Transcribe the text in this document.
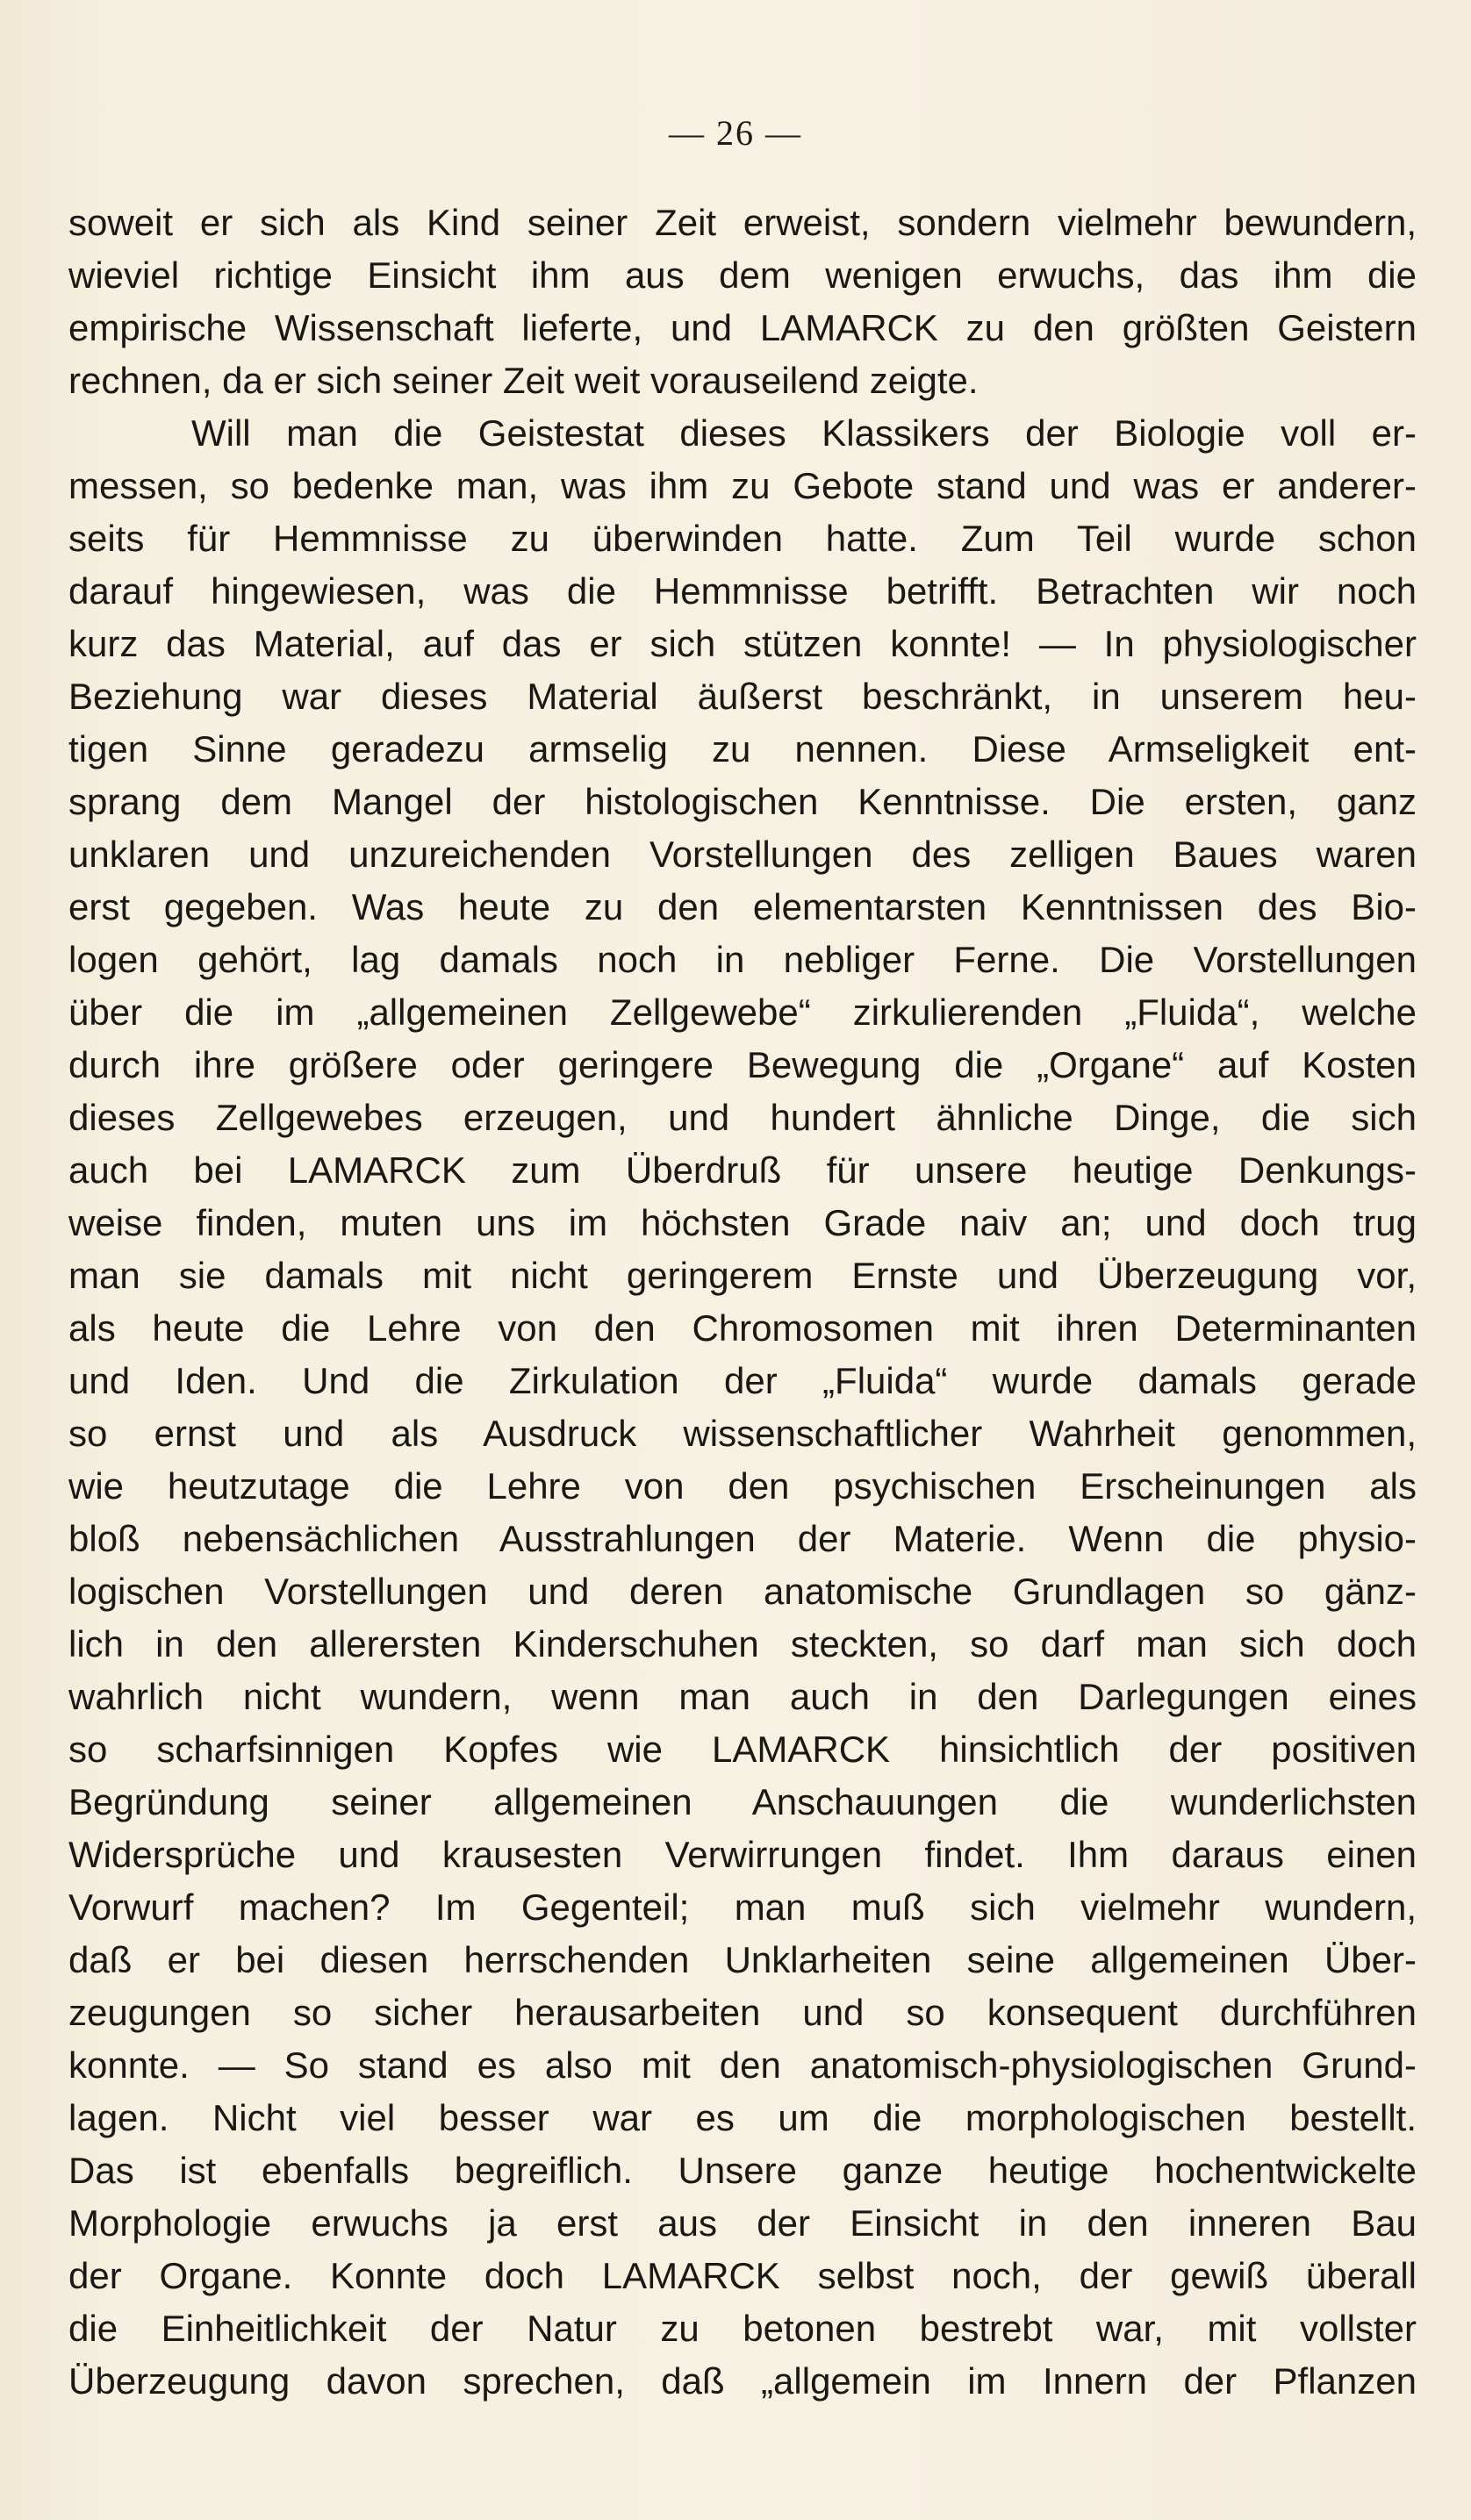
— 26 —
soweit er sich als Kind seiner Zeit erweist, sondern vielmehr bewundern,
wieviel richtige Einsicht ihm aus dem wenigen erwuchs, das ihm die
empirische Wissenschaft lieferte, und LAMARCK zu den größten Geistern
rechnen, da er sich seiner Zeit weit vorauseilend zeigte.
Will man die Geistestat dieses Klassikers der Biologie voll er-
messen, so bedenke man, was ihm zu Gebote stand und was er anderer-
seits für Hemmnisse zu überwinden hatte. Zum Teil wurde schon
darauf hingewiesen, was die Hemmnisse betrifft. Betrachten wir noch
kurz das Material, auf das er sich stützen konnte! — In physiologischer
Beziehung war dieses Material äußerst beschränkt, in unserem heu-
tigen Sinne geradezu armselig zu nennen. Diese Armseligkeit ent-
sprang dem Mangel der histologischen Kenntnisse. Die ersten, ganz
unklaren und unzureichenden Vorstellungen des zelligen Baues waren
erst gegeben. Was heute zu den elementarsten Kenntnissen des Bio-
logen gehört, lag damals noch in nebliger Ferne. Die Vorstellungen
über die im „allgemeinen Zellgewebe“ zirkulierenden „Fluida“, welche
durch ihre größere oder geringere Bewegung die „Organe“ auf Kosten
dieses Zellgewebes erzeugen, und hundert ähnliche Dinge, die sich
auch bei LAMARCK zum Überdruß für unsere heutige Denkungs-
weise finden, muten uns im höchsten Grade naiv an; und doch trug
man sie damals mit nicht geringerem Ernste und Überzeugung vor,
als heute die Lehre von den Chromosomen mit ihren Determinanten
und Iden. Und die Zirkulation der „Fluida“ wurde damals gerade
so ernst und als Ausdruck wissenschaftlicher Wahrheit genommen,
wie heutzutage die Lehre von den psychischen Erscheinungen als
bloß nebensächlichen Ausstrahlungen der Materie. Wenn die physio-
logischen Vorstellungen und deren anatomische Grundlagen so gänz-
lich in den allerersten Kinderschuhen steckten, so darf man sich doch
wahrlich nicht wundern, wenn man auch in den Darlegungen eines
so scharfsinnigen Kopfes wie LAMARCK hinsichtlich der positiven
Begründung seiner allgemeinen Anschauungen die wunderlichsten
Widersprüche und krausesten Verwirrungen findet. Ihm daraus einen
Vorwurf machen? Im Gegenteil; man muß sich vielmehr wundern,
daß er bei diesen herrschenden Unklarheiten seine allgemeinen Über-
zeugungen so sicher herausarbeiten und so konsequent durchführen
konnte. — So stand es also mit den anatomisch-physiologischen Grund-
lagen. Nicht viel besser war es um die morphologischen bestellt.
Das ist ebenfalls begreiflich. Unsere ganze heutige hochentwickelte
Morphologie erwuchs ja erst aus der Einsicht in den inneren Bau
der Organe. Konnte doch LAMARCK selbst noch, der gewiß überall
die Einheitlichkeit der Natur zu betonen bestrebt war, mit vollster
Überzeugung davon sprechen, daß „allgemein im Innern der Pflanzen
